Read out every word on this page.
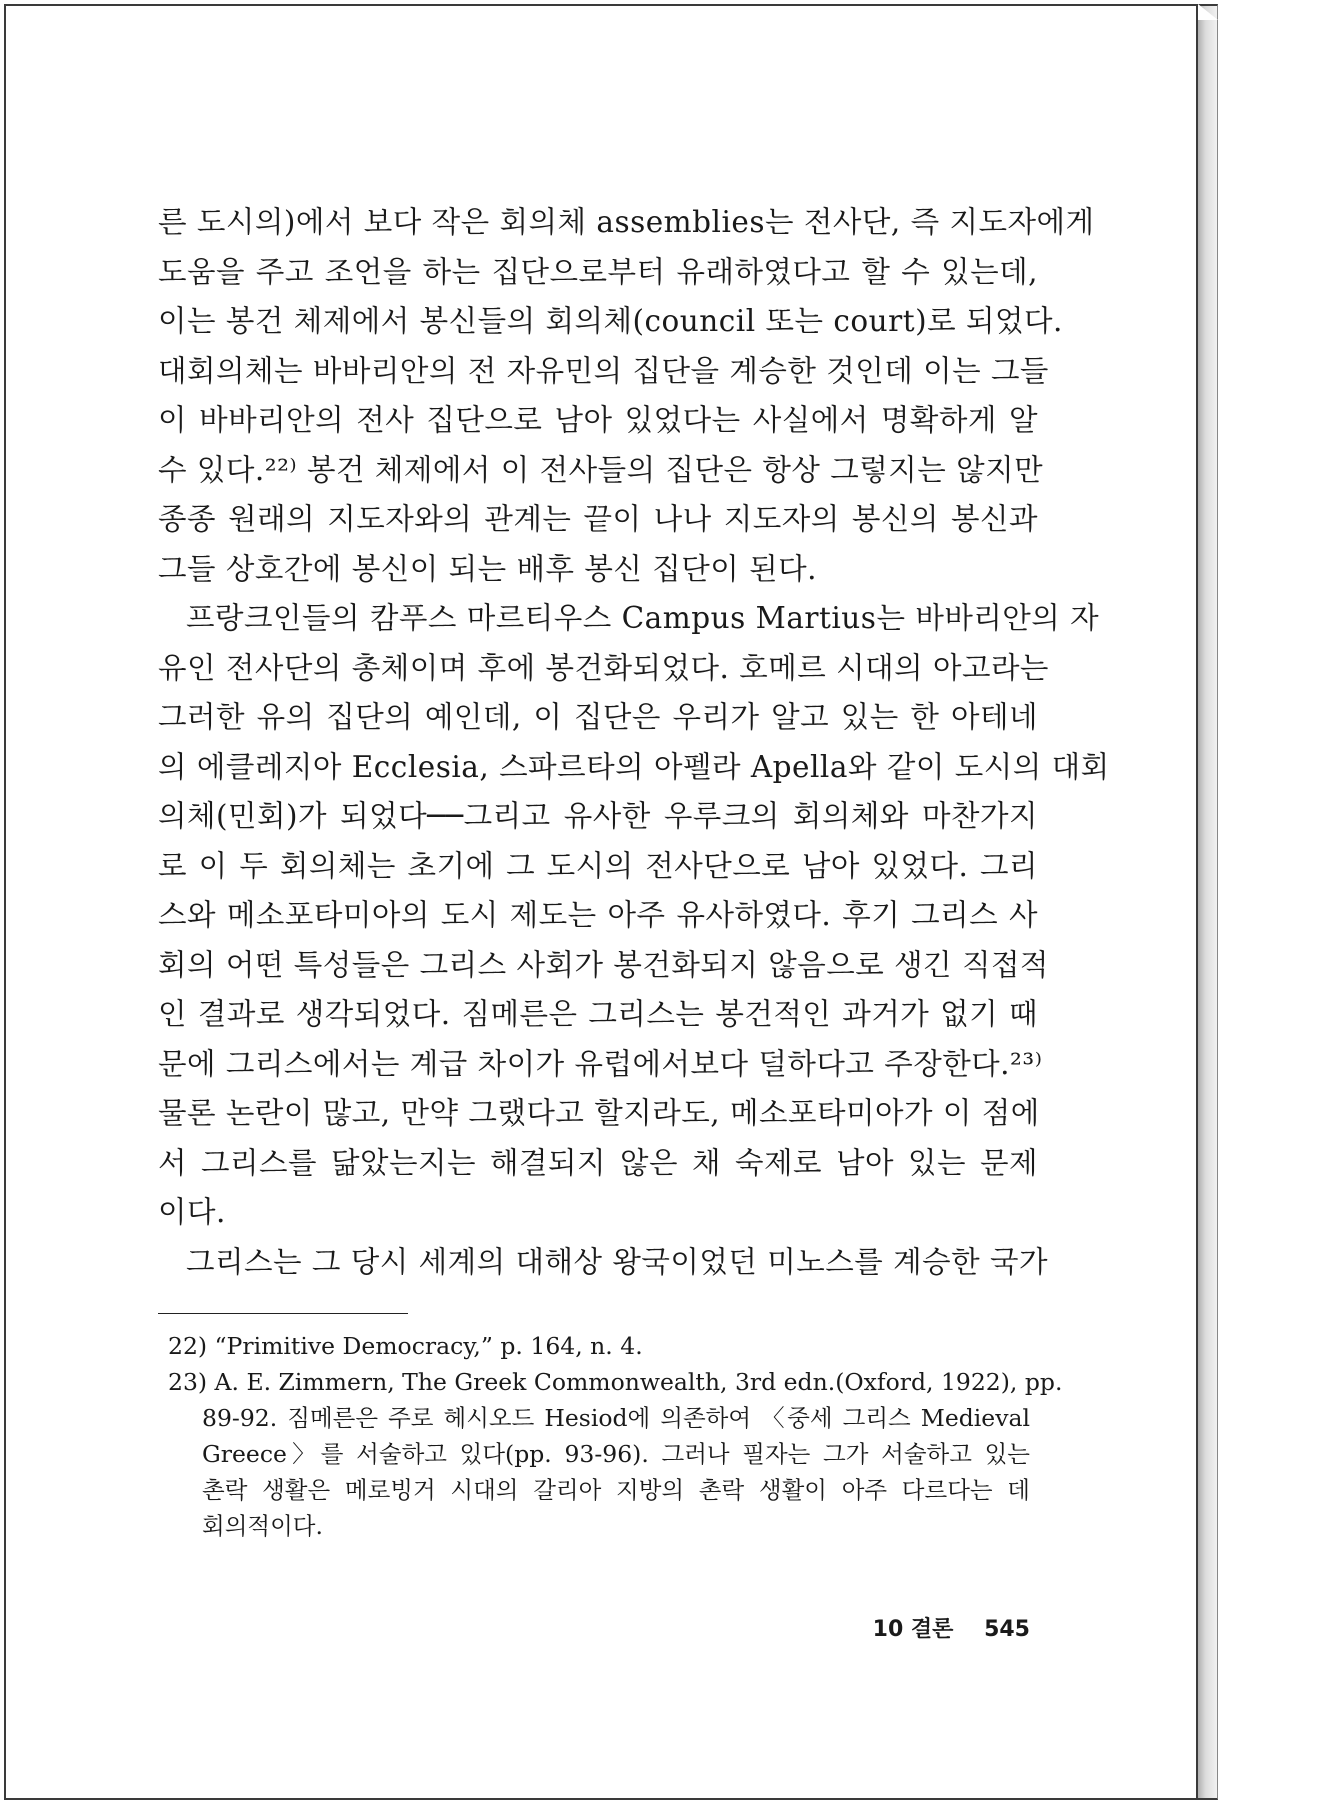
른 도시의)에서 보다 작은 회의체 assemblies는 전사단, 즉 지도자에게
도움을 주고 조언을 하는 집단으로부터 유래하였다고 할 수 있는데,
이는 봉건 체제에서 봉신들의 회의체(council 또는 court)로 되었다.
대회의체는 바바리안의 전 자유민의 집단을 계승한 것인데 이는 그들
이 바바리안의 전사 집단으로 남아 있었다는 사실에서 명확하게 알
수 있다.²²⁾ 봉건 체제에서 이 전사들의 집단은 항상 그렇지는 않지만
종종 원래의 지도자와의 관계는 끝이 나나 지도자의 봉신의 봉신과
그들 상호간에 봉신이 되는 배후 봉신 집단이 된다.
프랑크인들의 캄푸스 마르티우스 Campus Martius는 바바리안의 자
유인 전사단의 총체이며 후에 봉건화되었다. 호메르 시대의 아고라는
그러한 유의 집단의 예인데, 이 집단은 우리가 알고 있는 한 아테네
의 에클레지아 Ecclesia, 스파르타의 아펠라 Apella와 같이 도시의 대회
의체(민회)가 되었다──그리고 유사한 우루크의 회의체와 마찬가지
로 이 두 회의체는 초기에 그 도시의 전사단으로 남아 있었다. 그리
스와 메소포타미아의 도시 제도는 아주 유사하였다. 후기 그리스 사
회의 어떤 특성들은 그리스 사회가 봉건화되지 않음으로 생긴 직접적
인 결과로 생각되었다. 짐메른은 그리스는 봉건적인 과거가 없기 때
문에 그리스에서는 계급 차이가 유럽에서보다 덜하다고 주장한다.²³⁾
물론 논란이 많고, 만약 그랬다고 할지라도, 메소포타미아가 이 점에
서 그리스를 닮았는지는 해결되지 않은 채 숙제로 남아 있는 문제
이다.
그리스는 그 당시 세계의 대해상 왕국이었던 미노스를 계승한 국가
22) “Primitive Democracy,” p. 164, n. 4.
23) A. E. Zimmern, The Greek Commonwealth, 3rd edn.(Oxford, 1922), pp.
89-92. 짐메른은 주로 헤시오드 Hesiod에 의존하여 〈중세 그리스 Medieval
Greece〉를 서술하고 있다(pp. 93-96). 그러나 필자는 그가 서술하고 있는
촌락 생활은 메로빙거 시대의 갈리아 지방의 촌락 생활이 아주 다르다는 데
회의적이다.
10 결론 545
